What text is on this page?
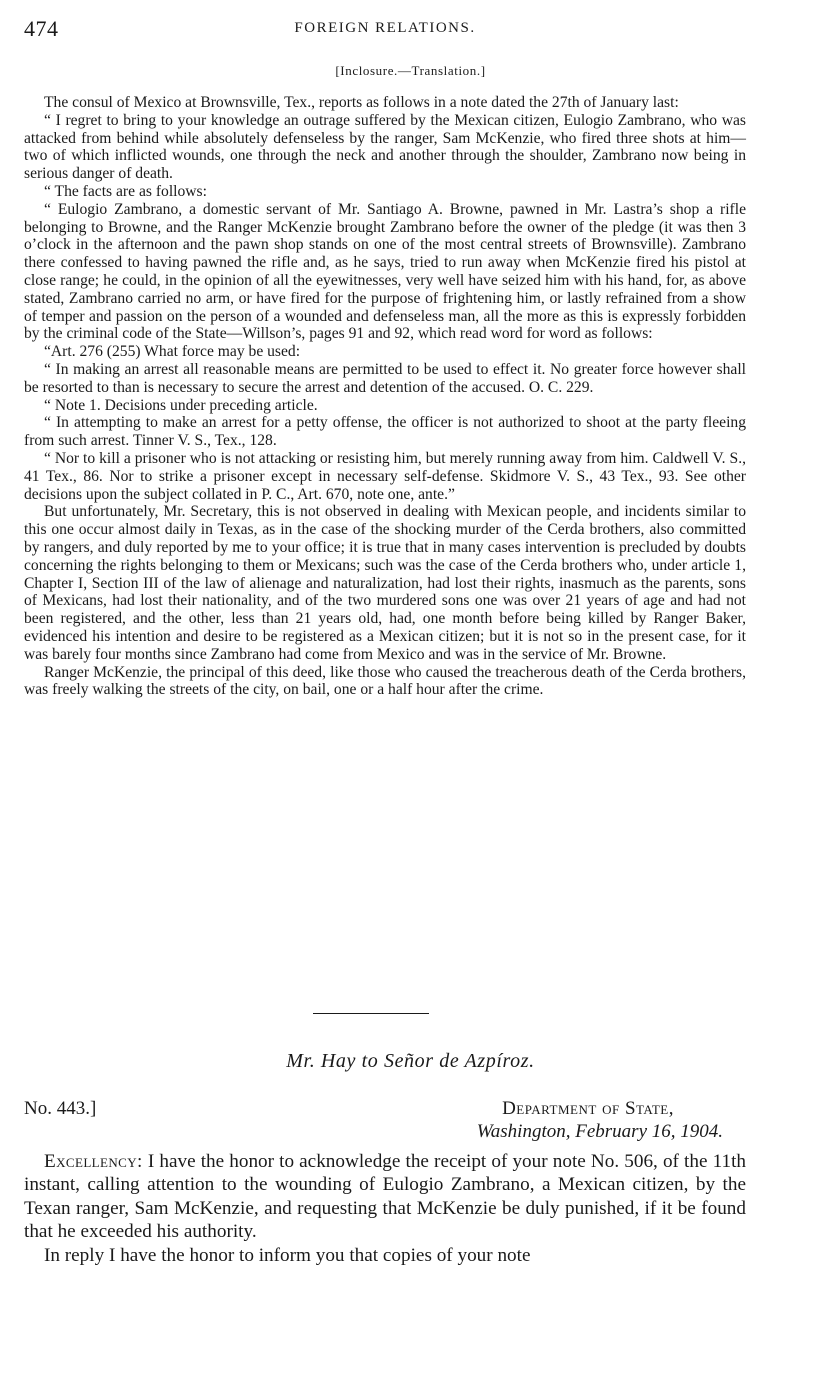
474	FOREIGN RELATIONS.
[Inclosure.—Translation.]

The consul of Mexico at Brownsville, Tex., reports as follows in a note dated the 27th of January last:

“ I regret to bring to your knowledge an outrage suffered by the Mexican citizen, Eulogio Zambrano, who was attacked from behind while absolutely defenseless by the ranger, Sam McKenzie, who fired three shots at him—two of which inflicted wounds, one through the neck and another through the shoulder, Zambrano now being in serious danger of death.

“ The facts are as follows:

“ Eulogio Zambrano, a domestic servant of Mr. Santiago A. Browne, pawned in Mr. Lastra’s shop a rifle belonging to Browne, and the Ranger McKenzie brought Zambrano before the owner of the pledge (it was then 3 o’clock in the afternoon and the pawn shop stands on one of the most central streets of Brownsville). Zambrano there confessed to having pawned the rifle and, as he says, tried to run away when McKenzie fired his pistol at close range; he could, in the opinion of all the eyewitnesses, very well have seized him with his hand, for, as above stated, Zambrano carried no arm, or have fired for the purpose of frightening him, or lastly refrained from a show of temper and passion on the person of a wounded and defenseless man, all the more as this is expressly forbidden by the criminal code of the State—Willson’s, pages 91 and 92, which read word for word as follows:

“Art. 276 (255) What force may be used:

“ In making an arrest all reasonable means are permitted to be used to effect it. No greater force however shall be resorted to than is necessary to secure the arrest and detention of the accused. O. C. 229.

“ Note 1. Decisions under preceding article.

“ In attempting to make an arrest for a petty offense, the officer is not authorized to shoot at the party fleeing from such arrest. Tinner V. S., Tex., 128.

“ Nor to kill a prisoner who is not attacking or resisting him, but merely running away from him. Caldwell V. S., 41 Tex., 86. Nor to strike a prisoner except in necessary self-defense. Skidmore V. S., 43 Tex., 93. See other decisions upon the subject collated in P. C., Art. 670, note one, ante.”

But unfortunately, Mr. Secretary, this is not observed in dealing with Mexican people, and incidents similar to this one occur almost daily in Texas, as in the case of the shocking murder of the Cerda brothers, also committed by rangers, and duly reported by me to your office; it is true that in many cases intervention is precluded by doubts concerning the rights belonging to them or Mexicans; such was the case of the Cerda brothers who, under article 1, Chapter I, Section III of the law of alienage and naturalization, had lost their rights, inasmuch as the parents, sons of Mexicans, had lost their nationality, and of the two murdered sons one was over 21 years of age and had not been registered, and the other, less than 21 years old, had, one month before being killed by Ranger Baker, evidenced his intention and desire to be registered as a Mexican citizen; but it is not so in the present case, for it was barely four months since Zambrano had come from Mexico and was in the service of Mr. Browne.

Ranger McKenzie, the principal of this deed, like those who caused the treacherous death of the Cerda brothers, was freely walking the streets of the city, on bail, one or a half hour after the crime.

Mr. Hay to Señor de Azpíroz.
No. 443.]	Department of State,
Washington, February 16, 1904.

Excellency: I have the honor to acknowledge the receipt of your note No. 506, of the 11th instant, calling attention to the wounding of Eulogio Zambrano, a Mexican citizen, by the Texan ranger, Sam McKenzie, and requesting that McKenzie be duly punished, if it be found that he exceeded his authority.

In reply I have the honor to inform you that copies of your note
